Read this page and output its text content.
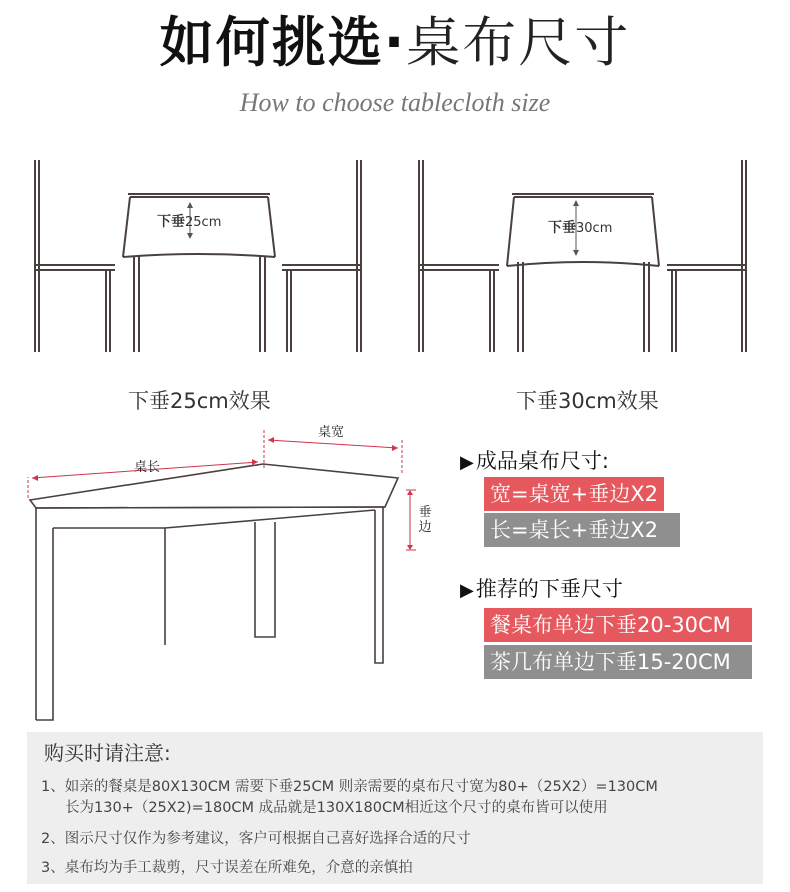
如何挑选·桌布尺寸
How to choose tablecloth size
下垂25cm	下垂30cm
下垂25cm效果	下垂30cm效果
桌宽
桌长
垂边
▶成品桌布尺寸:
宽=桌宽+垂边X2
长=桌长+垂边X2
▶推荐的下垂尺寸
餐桌布单边下垂20-30CM
茶几布单边下垂15-20CM
购买时请注意:
1、如亲的餐桌是80X130CM 需要下垂25CM 则亲需要的桌布尺寸宽为80+（25X2）=130CM
长为130+（25X2)=180CM 成品就是130X180CM相近这个尺寸的桌布皆可以使用
2、图示尺寸仅作为参考建议，客户可根据自己喜好选择合适的尺寸
3、桌布均为手工裁剪，尺寸误差在所难免，介意的亲慎拍
